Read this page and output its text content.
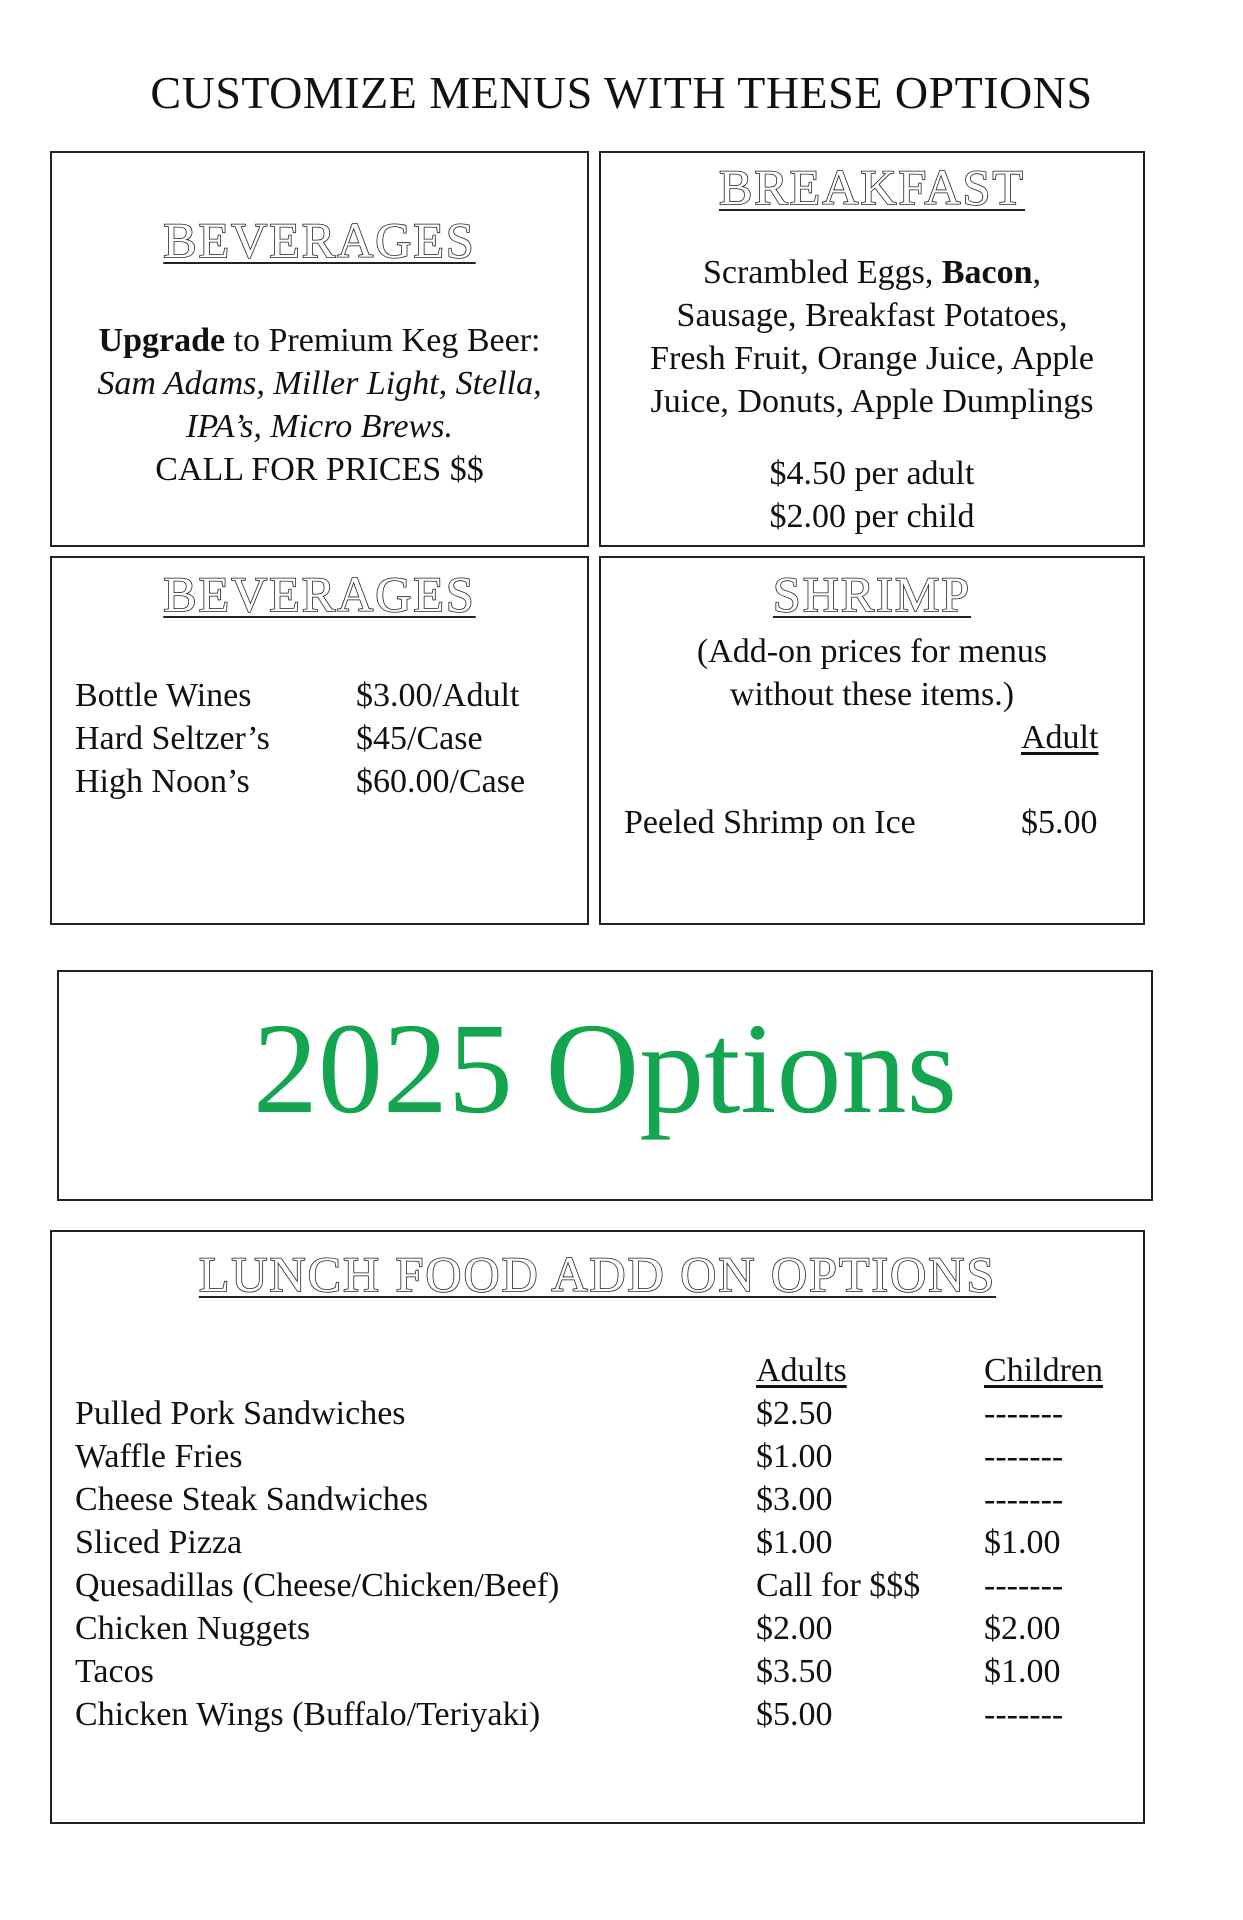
CUSTOMIZE MENUS WITH THESE OPTIONS
BEVERAGES
Upgrade to Premium Keg Beer:
Sam Adams, Miller Light, Stella,
IPA’s, Micro Brews.
CALL FOR PRICES $$
BREAKFAST
Scrambled Eggs, Bacon,
Sausage, Breakfast Potatoes,
Fresh Fruit, Orange Juice, Apple
Juice, Donuts, Apple Dumplings
$4.50 per adult
$2.00 per child
BEVERAGES
Bottle Wines	$3.00/Adult
Hard Seltzer’s	$45/Case
High Noon’s	$60.00/Case
SHRIMP
(Add-on prices for menus
without these items.)
Adult
Peeled Shrimp on Ice	$5.00
2025 Options
LUNCH FOOD ADD ON OPTIONS
Adults	Children
Pulled Pork Sandwiches	$2.50	-------
Waffle Fries	$1.00	-------
Cheese Steak Sandwiches	$3.00	-------
Sliced Pizza	$1.00	$1.00
Quesadillas (Cheese/Chicken/Beef)	Call for $$$ -------
Chicken Nuggets	$2.00	$2.00
Tacos	$3.50	$1.00
Chicken Wings (Buffalo/Teriyaki)	$5.00	-------
